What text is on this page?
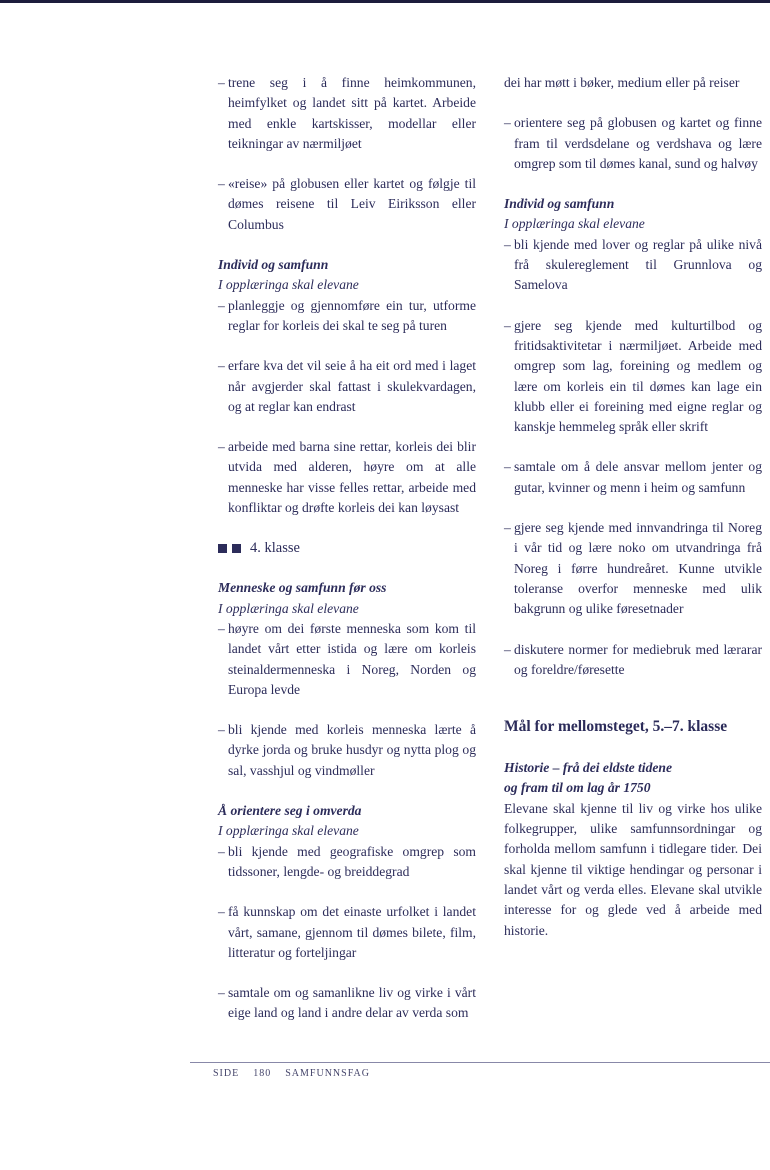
– trene seg i å finne heimkommunen, heimfylket og landet sitt på kartet. Arbeide med enkle kartskisser, modellar eller teikningar av nærmiljøet
– «reise» på globusen eller kartet og følgje til dømes reisene til Leiv Eiriksson eller Columbus
Individ og samfunn
I opplæringa skal elevane
– planleggje og gjennomføre ein tur, utforme reglar for korleis dei skal te seg på turen
– erfare kva det vil seie å ha eit ord med i laget når avgjerder skal fattast i skulekvardagen, og at reglar kan endrast
– arbeide med barna sine rettar, korleis dei blir utvida med alderen, høyre om at alle menneske har visse felles rettar, arbeide med konfliktar og drøfte korleis dei kan løysast
4. klasse
Menneske og samfunn før oss
I opplæringa skal elevane
– høyre om dei første menneska som kom til landet vårt etter istida og lære om korleis steinaldermenneska i Noreg, Norden og Europa levde
– bli kjende med korleis menneska lærte å dyrke jorda og bruke husdyr og nytta plog og sal, vasshjul og vindmøller
Å orientere seg i omverda
I opplæringa skal elevane
– bli kjende med geografiske omgrep som tidssoner, lengde- og breiddegrad
– få kunnskap om det einaste urfolket i landet vårt, samane, gjennom til dømes bilete, film, litteratur og forteljingar
– samtale om og samanlikne liv og virke i vårt eige land og land i andre delar av verda som
dei har møtt i bøker, medium eller på reiser
– orientere seg på globusen og kartet og finne fram til verdsdelane og verdshava og lære omgrep som til dømes kanal, sund og halvøy
Individ og samfunn
I opplæringa skal elevane
– bli kjende med lover og reglar på ulike nivå frå skulereglement til Grunnlova og Samelova
– gjere seg kjende med kulturtilbod og fritidsaktivitetar i nærmiljøet. Arbeide med omgrep som lag, foreining og medlem og lære om korleis ein til dømes kan lage ein klubb eller ei foreining med eigne reglar og kanskje hemmeleg språk eller skrift
– samtale om å dele ansvar mellom jenter og gutar, kvinner og menn i heim og samfunn
– gjere seg kjende med innvandringa til Noreg i vår tid og lære noko om utvandringa frå Noreg i førre hundreåret. Kunne utvikle toleranse overfor menneske med ulik bakgrunn og ulike føresetnader
– diskutere normer for mediebruk med lærarar og foreldre/føresette
Mål for mellomsteget, 5.–7. klasse
Historie – frå dei eldste tidene
og fram til om lag år 1750
Elevane skal kjenne til liv og virke hos ulike folkegrupper, ulike samfunnsordningar og forholda mellom samfunn i tidlegare tider. Dei skal kjenne til viktige hendingar og personar i landet vårt og verda elles. Elevane skal utvikle interesse for og glede ved å arbeide med historie.
SIDE 180 SAMFUNNSFAG
